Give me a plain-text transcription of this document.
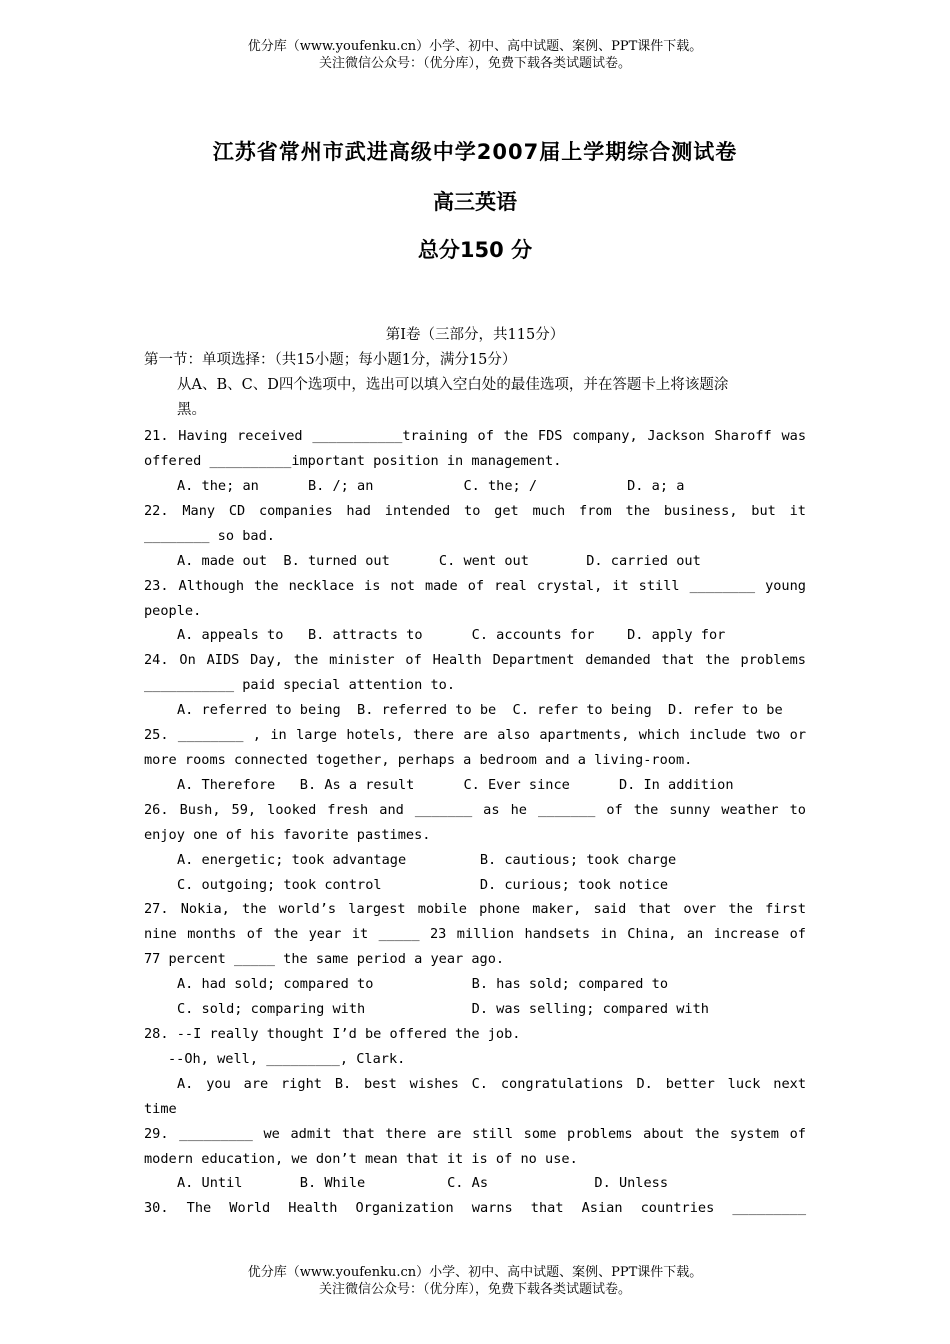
优分库（www.youfenku.cn）小学、初中、高中试题、案例、PPT课件下载。
关注微信公众号：（优分库），免费下载各类试题试卷。
江苏省常州市武进高级中学2007届上学期综合测试卷
高三英语
总分150 分
第Ⅰ卷（三部分，共115分）
第一节：单项选择：（共15小题；每小题1分，满分15分）
从A、B、C、D四个选项中，选出可以填入空白处的最佳选项，并在答题卡上将该题涂
黑。
21. Having received ___________training of the FDS company, Jackson Sharoff was
offered __________important position in management.
A. the; an      B. /; an           C. the; /           D. a; a
22. Many CD companies had intended to get much from the business, but it
________ so bad.
A. made out  B. turned out      C. went out       D. carried out
23. Although the necklace is not made of real crystal, it still ________ young
people.
A. appeals to   B. attracts to      C. accounts for    D. apply for
24. On AIDS Day, the minister of Health Department demanded that the problems
___________ paid special attention to.
A. referred to being  B. referred to be  C. refer to being  D. refer to be
25. ________ , in large hotels, there are also apartments, which include two or
more rooms connected together, perhaps a bedroom and a living-room.
A. Therefore   B. As a result      C. Ever since      D. In addition
26. Bush, 59, looked fresh and _______ as he _______ of the sunny weather to
enjoy one of his favorite pastimes.
A. energetic; took advantage         B. cautious; took charge
C. outgoing; took control            D. curious; took notice
27. Nokia, the world’s largest mobile phone maker, said that over the first
nine months of the year it _____ 23 million handsets in China, an increase of
77 percent _____ the same period a year ago.
A. had sold; compared to            B. has sold; compared to
C. sold; comparing with             D. was selling; compared with
28. --I really thought I’d be offered the job.
--Oh, well, _________, Clark.
A. you are right B. best wishes C. congratulations D. better luck next
time
29. _________ we admit that there are still some problems about the system of
modern education, we don’t mean that it is of no use.
A. Until       B. While          C. As             D. Unless
30. The World Health Organization warns that Asian countries _________
优分库（www.youfenku.cn）小学、初中、高中试题、案例、PPT课件下载。
关注微信公众号：（优分库），免费下载各类试题试卷。
